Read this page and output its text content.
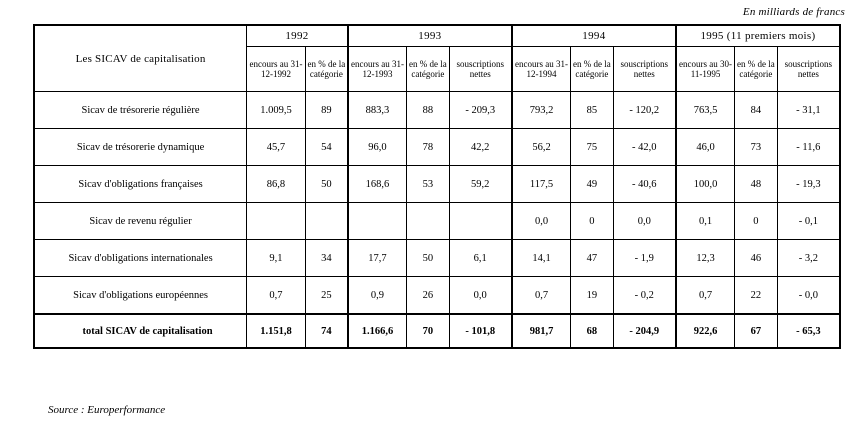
En milliards de francs
Les SICAV de capitalisation	1992		1993			1994			1995 (11 premiers mois)		
	encours au 31-12-1992	en % de la catégorie	encours au 31-12-1993	en % de la catégorie	souscriptions nettes	encours au 31-12-1994	en % de la catégorie	souscriptions nettes	encours au 30-11-1995	en % de la catégorie	souscriptions nettes
Sicav de trésorerie régulière	1.009,5	89	883,3	88	- 209,3	793,2	85	- 120,2	763,5	84	- 31,1
Sicav de trésorerie dynamique	45,7	54	96,0	78	42,2	56,2	75	- 42,0	46,0	73	- 11,6
Sicav d'obligations françaises	86,8	50	168,6	53	59,2	117,5	49	- 40,6	100,0	48	- 19,3
Sicav de revenu régulier						0,0	0	0,0	0,1	0	- 0,1
Sicav d'obligations internationales	9,1	34	17,7	50	6,1	14,1	47	- 1,9	12,3	46	- 3,2
Sicav d'obligations européennes	0,7	25	0,9	26	0,0	0,7	19	- 0,2	0,7	22	- 0,0
total SICAV de capitalisation	1.151,8	74	1.166,6	70	- 101,8	981,7	68	- 204,9	922,6	67	- 65,3
Source : Europerformance
